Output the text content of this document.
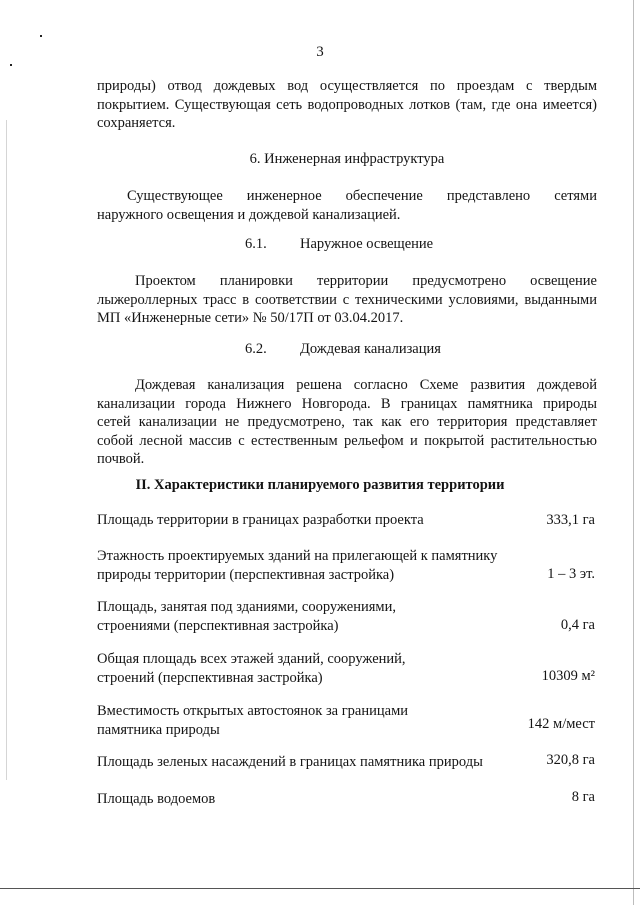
3
природы) отвод дождевых вод осуществляется по проездам с твердым
покрытием. Существующая сеть водопроводных лотков (там, где она имеется)
сохраняется.
6. Инженерная инфраструктура
Существующее инженерное обеспечение представлено сетями
наружного освещения и дождевой канализацией.
6.1. Наружное освещение
Проектом планировки территории предусмотрено освещение
лыжероллерных трасс в соответствии с техническими условиями, выданными
МП «Инженерные сети» № 50/17П от 03.04.2017.
6.2. Дождевая канализация
Дождевая канализация решена согласно Схеме развития дождевой
канализации города Нижнего Новгорода. В границах памятника природы
сетей канализации не предусмотрено, так как его территория представляет
собой лесной массив с естественным рельефом и покрытой растительностью
почвой.
II. Характеристики планируемого развития территории
Площадь территории в границах разработки проекта	333,1 га
Этажность проектируемых зданий на прилегающей к памятнику
природы территории (перспективная застройка)	1 – 3 эт.
Площадь, занятая под зданиями, сооружениями,
строениями (перспективная застройка)	0,4 га
Общая площадь всех этажей зданий, сооружений,
строений (перспективная застройка)	10309 м²
Вместимость открытых автостоянок за границами
памятника природы	142 м/мест
Площадь зеленых насаждений в границах памятника природы	320,8 га
Площадь водоемов	8 га
